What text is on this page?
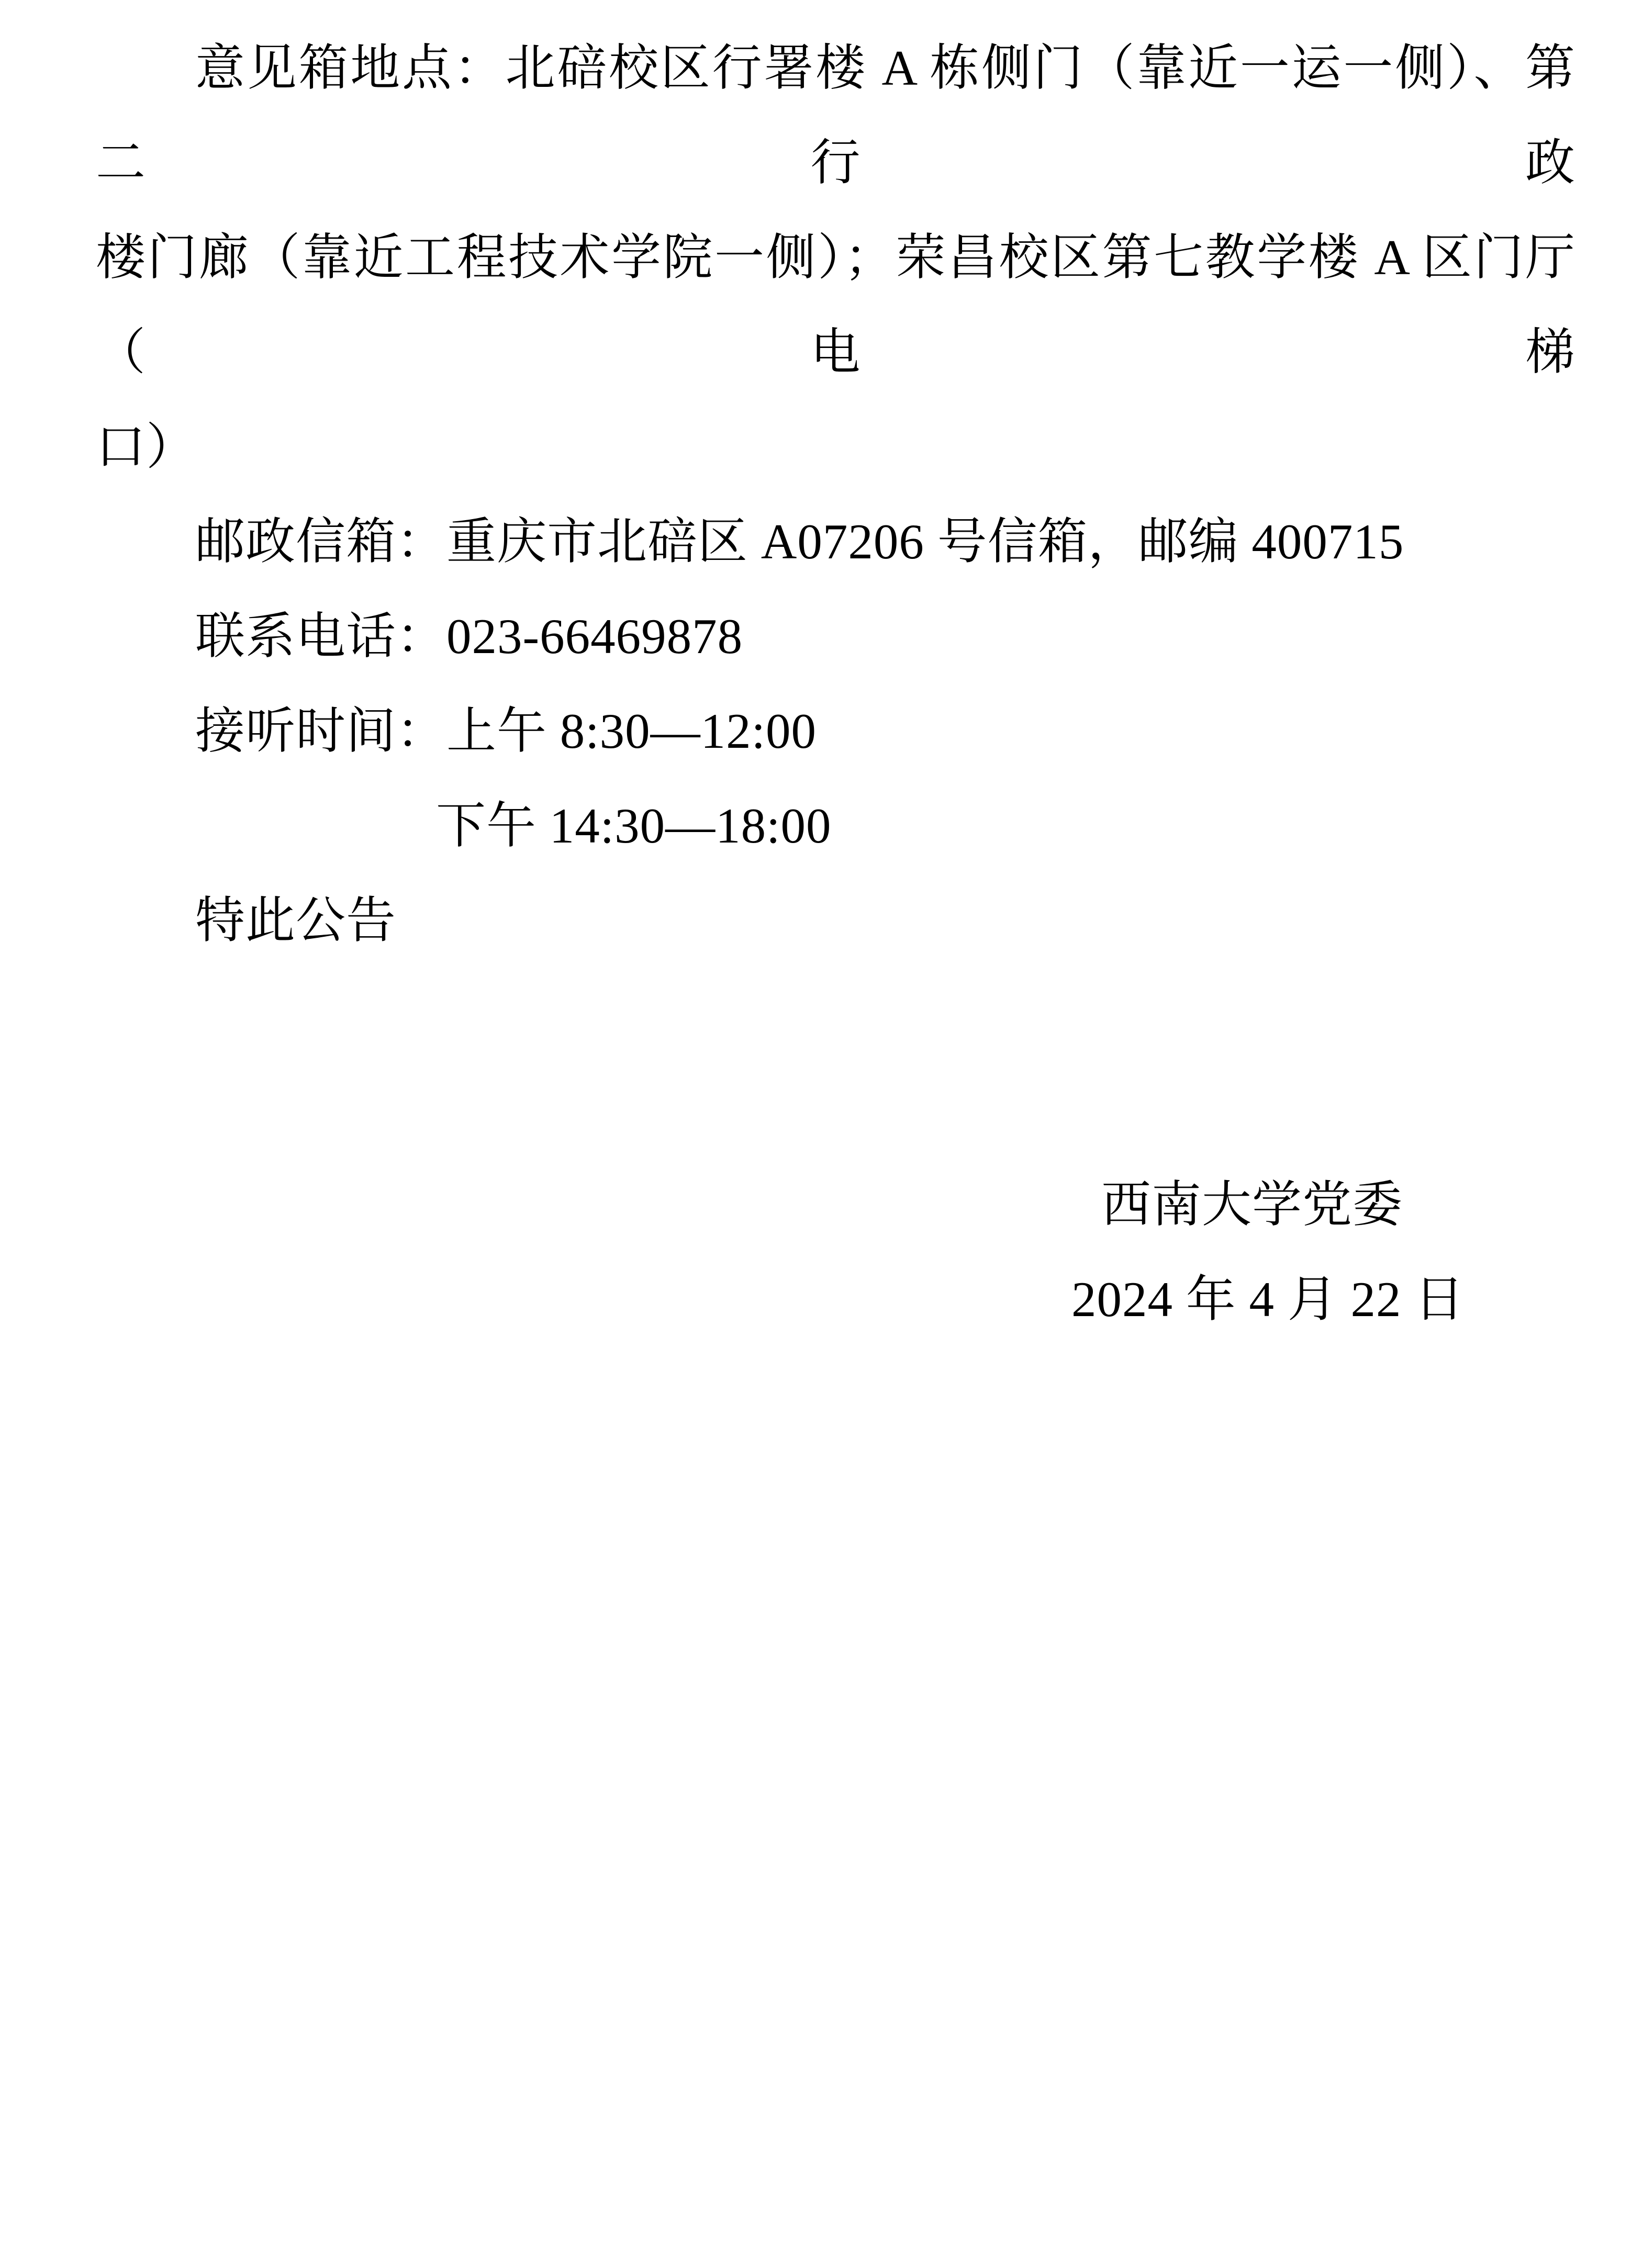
意见箱地点：北碚校区行署楼 A 栋侧门（靠近一运一侧）、第二行政

楼门廊（靠近工程技术学院一侧）；荣昌校区第七教学楼 A 区门厅（电梯

口）

邮政信箱：重庆市北碚区 A07206 号信箱，邮编 400715

联系电话：023-66469878

接听时间：上午 8:30—12:00

下午 14:30—18:00

特此公告

西南大学党委

2024 年 4 月 22 日
